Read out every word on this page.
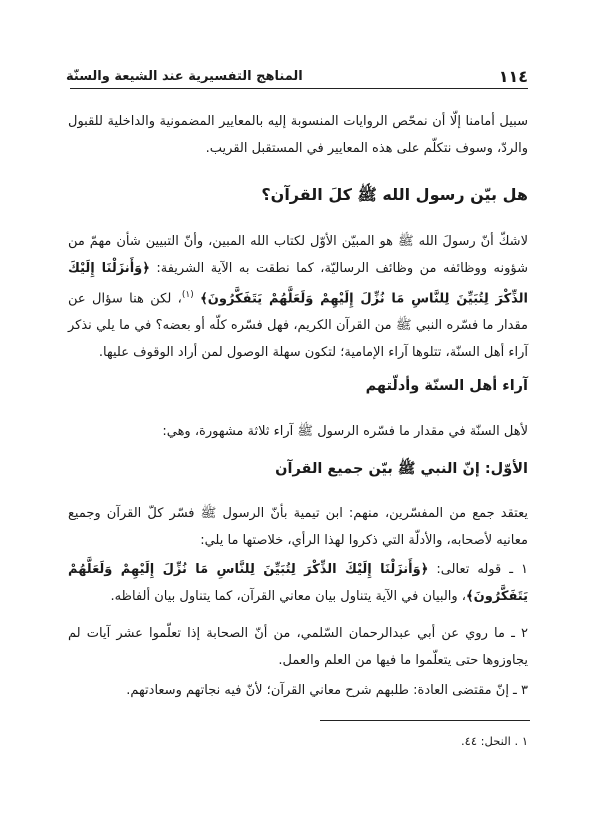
١١٤
المناهج التفسيرية عند الشيعة والسنّة

سبيل أمامنا إلّا أن نمحّص الروايات المنسوبة إليه بالمعايير المضمونية والداخلية للقبول والردّ، وسوف نتكلّم على هذه المعايير في المستقبل القريب.

هل بيّن رسول الله ﷺ كلَ القرآن؟

لاشكّ أنّ رسولَ الله ﷺ هو المبيّن الأوّل لكتاب الله المبين، وأنّ التبيين شأن مهمّ من شؤونه ووظائفه من وظائف الرساليّة، كما نطقت به الآية الشريفة: ﴿وَأَنزَلْنَا إِلَيْكَ الذِّكْرَ لِتُبَيِّنَ لِلنَّاسِ مَا نُزِّلَ إِلَيْهِمْ وَلَعَلَّهُمْ يَتَفَكَّرُونَ﴾ $^{(١)}$، لكن هنا سؤال عن مقدار ما فسّره النبي ﷺ من القرآن الكريم، فهل فسّره كلّه أو بعضه؟ في ما يلي نذكر آراء أهل السنّة، تتلوها آراء الإمامية؛ لتكون سهلة الوصول لمن أراد الوقوف عليها.

آراء أهل السنّة وأدلّتهم

لأهل السنّة في مقدار ما فسّره الرسول ﷺ آراء ثلاثة مشهورة، وهي:

الأوّل: إنّ النبي ﷺ بيّن جميع القرآن

يعتقد جمع من المفسّرين، منهم: ابن تيمية بأنّ الرسول ﷺ فسّر كلّ القرآن وجميع معانيه لأصحابه، والأدلّة التي ذكروا لهذا الرأي، خلاصتها ما يلي:

١ ـ قوله تعالى: ﴿وَأَنزَلْنَا إِلَيْكَ الذِّكْرَ لِتُبَيِّنَ لِلنَّاسِ مَا نُزِّلَ إِلَيْهِمْ وَلَعَلَّهُمْ يَتَفَكَّرُونَ﴾، والبيان في الآية يتناول بيان معاني القرآن، كما يتناول بيان ألفاظه.

٢ ـ ما روي عن أبي عبدالرحمان السّلمي، من أنّ الصحابة إذا تعلّموا عشر آيات لم يجاوزوها حتى يتعلّموا ما فيها من العلم والعمل.

٣ ـ إنّ مقتضى العادة: طلبهم شرح معاني القرآن؛ لأنّ فيه نجاتهم وسعادتهم.

١ . النحل: ٤٤.
